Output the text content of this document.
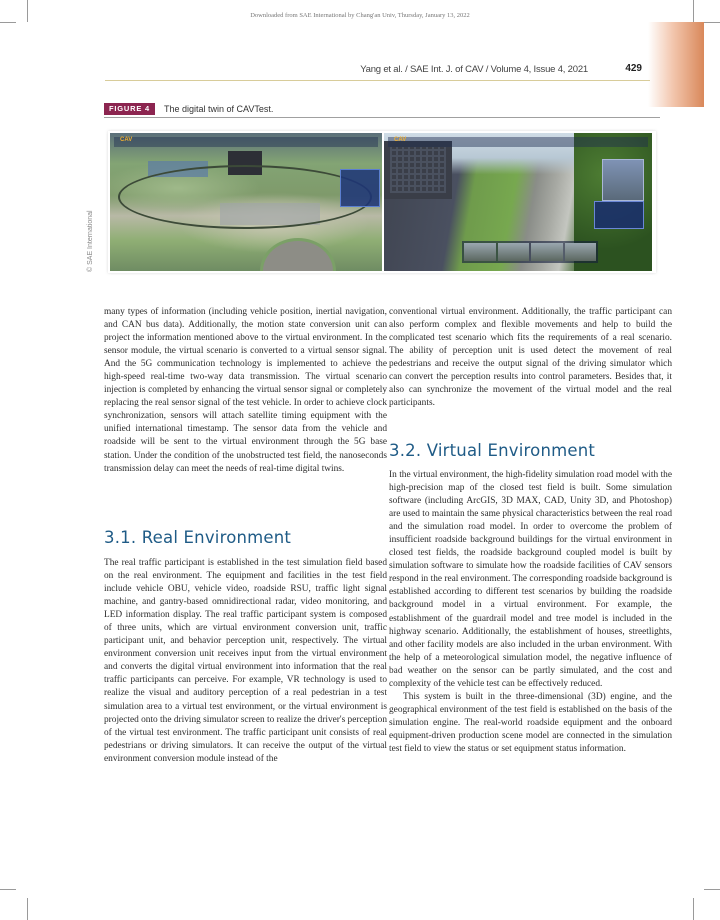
Downloaded from SAE International by Chang'an Univ, Thursday, January 13, 2022
Yang et al. / SAE Int. J. of CAV / Volume 4, Issue 4, 2021	429
FIGURE 4	The digital twin of CAVTest.
CAV	CAV
© SAE International

many types of information (including vehicle position, inertial navigation, and CAN bus data). Additionally, the motion state conversion unit can project the information mentioned above to the virtual environment. In the sensor module, the virtual scenario is converted to a virtual sensor signal. And the 5G communication technology is implemented to achieve the high-speed real-time two-way data transmission. The virtual scenario injection is completed by enhancing the virtual sensor signal or completely replacing the real sensor signal of the test vehicle. In order to achieve clock synchronization, sensors will attach satellite timing equipment with the unified international timestamp. The sensor data from the vehicle and roadside will be sent to the virtual environment through the 5G base station. Under the condition of the unobstructed test field, the nanoseconds transmission delay can meet the needs of real-time digital twins.

3.1. Real Environment

The real traffic participant is established in the test simulation field based on the real environment. The equipment and facilities in the test field include vehicle OBU, vehicle video, roadside RSU, traffic light signal machine, and gantry-based omnidirectional radar, video monitoring, and LED information display. The real traffic participant system is composed of three units, which are virtual environment conversion unit, traffic participant unit, and behavior perception unit, respectively. The virtual environment conversion unit receives input from the virtual environment and converts the digital virtual environment into information that the real traffic participants can perceive. For example, VR technology is used to realize the visual and auditory perception of a real pedestrian in a test simulation area to a virtual test environment, or the virtual environment is projected onto the driving simulator screen to realize the driver's perception of the virtual test environment. The traffic participant unit consists of real pedestrians or driving simulators. It can receive the output of the virtual environment conversion module instead of the

conventional virtual environment. Additionally, the traffic participant can also perform complex and flexible movements and help to build the complicated test scenario which fits the requirements of a real scenario. The ability of perception unit is used detect the movement of real pedestrians and receive the output signal of the driving simulator which can convert the perception results into control parameters. Besides that, it also can synchronize the movement of the virtual model and the real participants.

3.2. Virtual Environment

In the virtual environment, the high-fidelity simulation road model with the high-precision map of the closed test field is built. Some simulation software (including ArcGIS, 3D MAX, CAD, Unity 3D, and Photoshop) are used to maintain the same physical characteristics between the real road and the simulation road model. In order to overcome the problem of insufficient roadside background buildings for the virtual environment in closed test fields, the roadside background coupled model is built by simulation software to simulate how the roadside facilities of CAV sensors respond in the real environment. The corresponding roadside background is established according to different test scenarios by building the roadside background model in a virtual environment. For example, the establishment of the guardrail model and tree model is included in the highway scenario. Additionally, the establishment of houses, streetlights, and other facility models are also included in the urban environment. With the help of a meteorological simulation model, the negative influence of bad weather on the sensor can be partly simulated, and the cost and complexity of the vehicle test can be effectively reduced.

This system is built in the three-dimensional (3D) engine, and the geographical environment of the test field is established on the basis of the simulation engine. The real-world roadside equipment and the onboard equipment-driven production scene model are connected in the simulation test field to view the status or set equipment status information.
